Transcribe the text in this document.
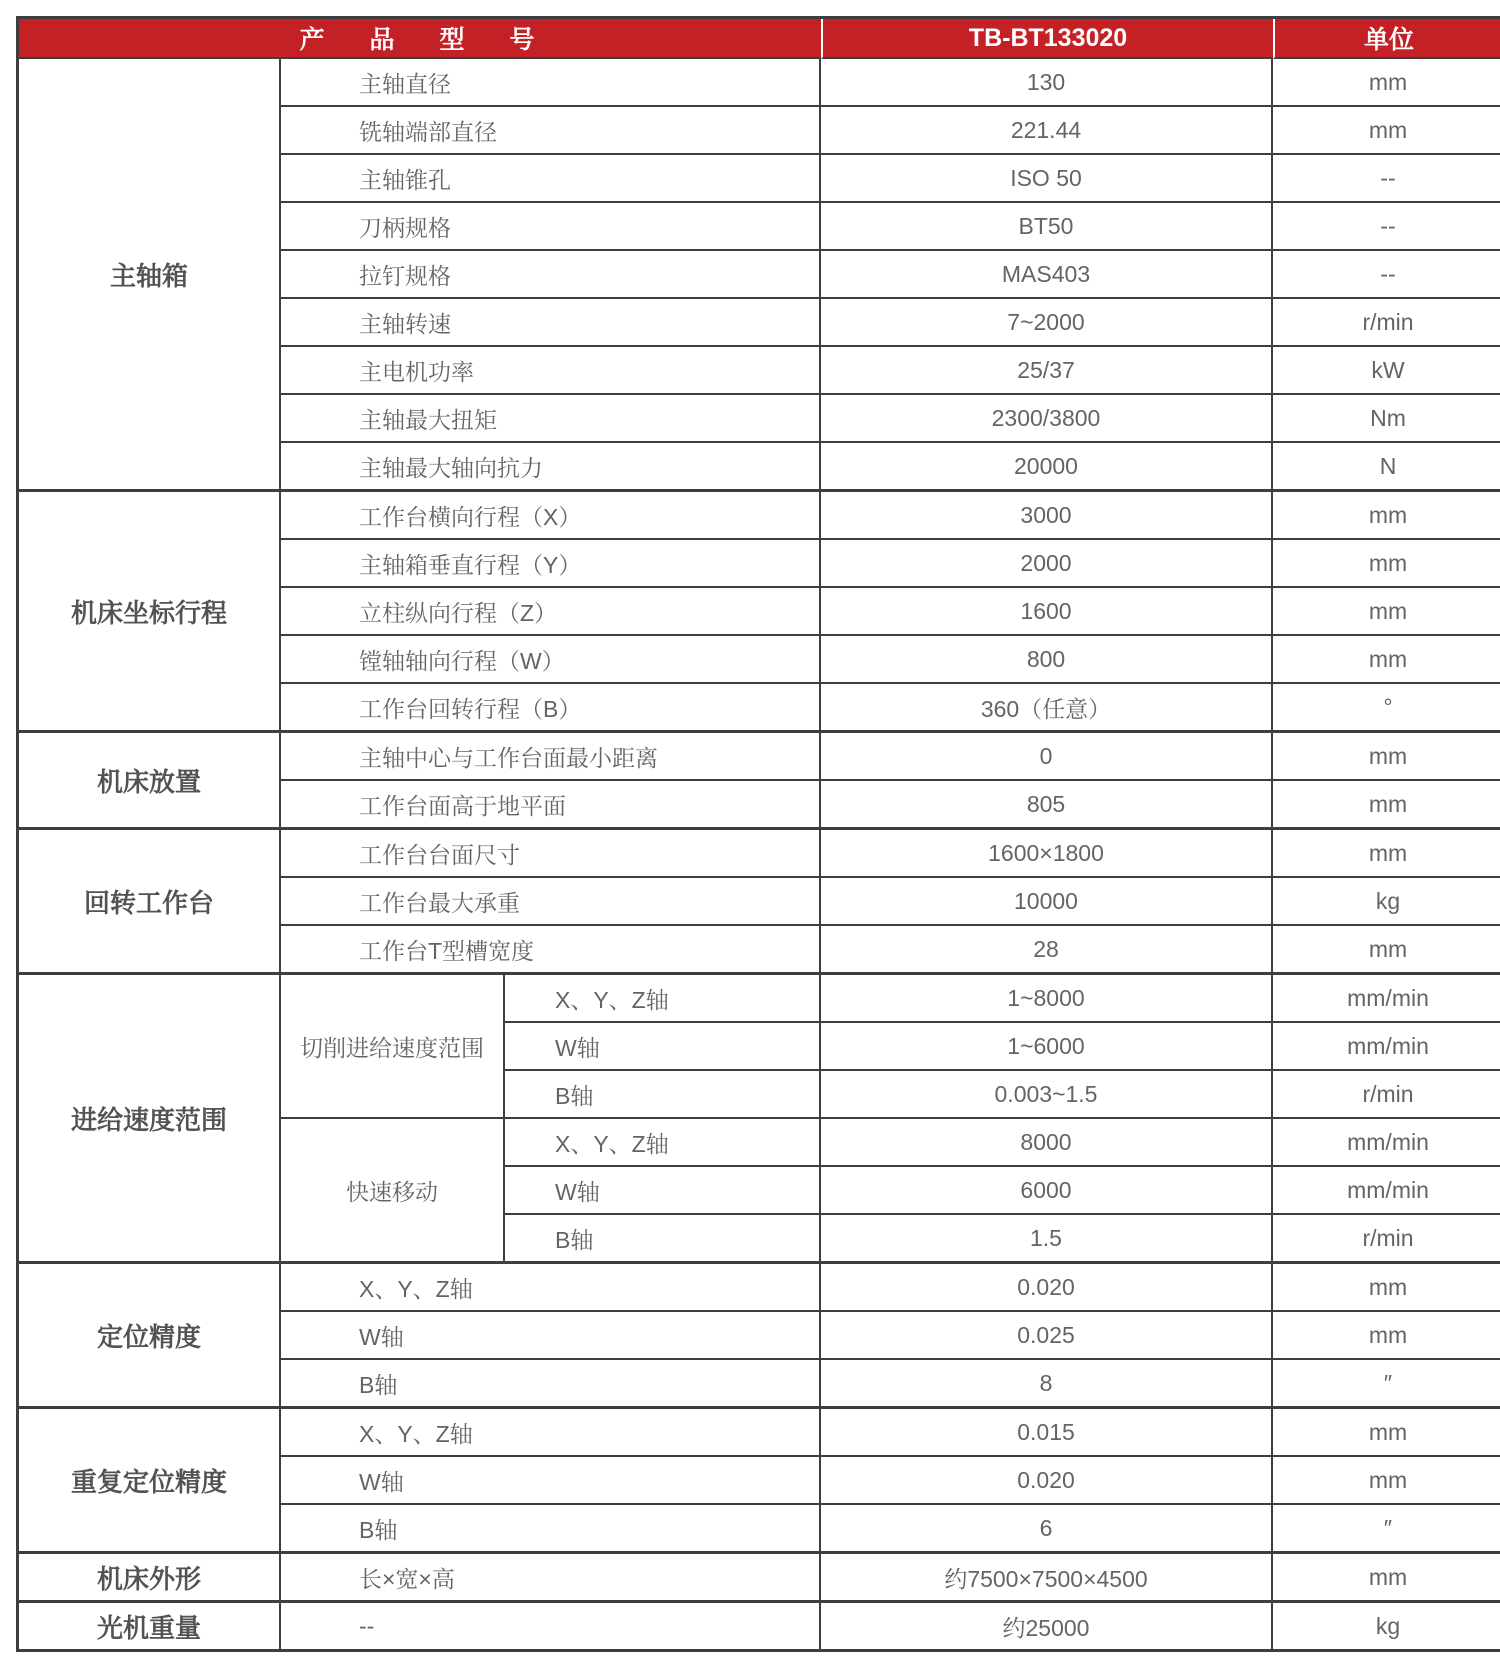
产 品 型 号			TB-BT133020	单位
主轴箱	主轴直径		130	mm
	铣轴端部直径		221.44	mm
	主轴锥孔		ISO 50	--
	刀柄规格		BT50	--
	拉钉规格		MAS403	--
	主轴转速		7~2000	r/min
	主电机功率		25/37	kW
	主轴最大扭矩		2300/3800	Nm
	主轴最大轴向抗力		20000	N
机床坐标行程	工作台横向行程（X）		3000	mm
	主轴箱垂直行程（Y）		2000	mm
	立柱纵向行程（Z）		1600	mm
	镗轴轴向行程（W）		800	mm
	工作台回转行程（B）		360（任意）	°
机床放置	主轴中心与工作台面最小距离		0	mm
	工作台面高于地平面		805	mm
回转工作台	工作台台面尺寸		1600×1800	mm
	工作台最大承重		10000	kg
	工作台T型槽宽度		28	mm
进给速度范围	切削进给速度范围	X、Y、Z轴	1~8000	mm/min
		W轴	1~6000	mm/min
		B轴	0.003~1.5	r/min
	快速移动	X、Y、Z轴	8000	mm/min
		W轴	6000	mm/min
		B轴	1.5	r/min
定位精度	X、Y、Z轴		0.020	mm
	W轴		0.025	mm
	B轴		8	″
重复定位精度	X、Y、Z轴		0.015	mm
	W轴		0.020	mm
	B轴		6	″
机床外形	长×宽×高		约7500×7500×4500	mm
光机重量	--		约25000	kg
